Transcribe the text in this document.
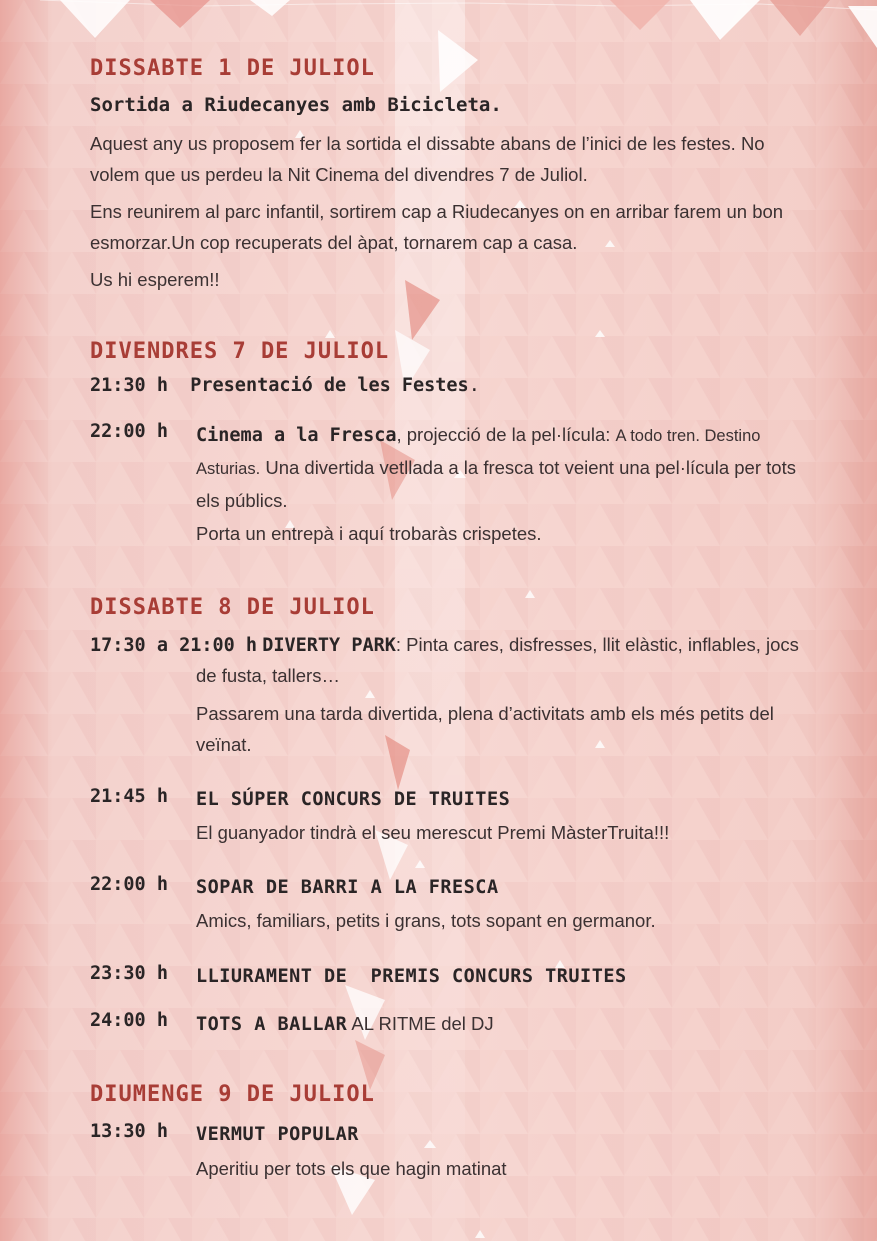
DISSABTE 1 DE JULIOL
Sortida a Riudecanyes amb Bicicleta.
Aquest any us proposem fer la sortida el dissabte abans de l’inici de les festes. No volem que us perdeu la Nit Cinema del divendres 7 de Juliol.
Ens reunirem al parc infantil, sortirem cap a Riudecanyes on en arribar farem un bon esmorzar.Un cop recuperats del àpat, tornarem cap a casa.
Us hi esperem!!
DIVENDRES 7 DE JULIOL
21:30 h Presentació de les Festes.
22:00 h Cinema a la Fresca, projecció de la pel·lícula: A todo tren. Destino Asturias. Una divertida vetllada a la fresca tot veient una pel·lícula per tots els públics.
Porta un entrepà i aquí trobaràs crispetes.
DISSABTE 8 DE JULIOL
17:30 a 21:00 h DIVERTY PARK: Pinta cares, disfresses, llit elàstic, inflables, jocs
de fusta, tallers…
Passarem una tarda divertida, plena d’activitats amb els més petits del veïnat.
21:45 h EL SÚPER CONCURS DE TRUITES
El guanyador tindrà el seu merescut Premi MàsterTruita!!!
22:00 h SOPAR DE BARRI A LA FRESCA
Amics, familiars, petits i grans, tots sopant en germanor.
23:30 h LLIURAMENT DE  PREMIS CONCURS TRUITES
24:00 h TOTS A BALLAR AL RITME del DJ
DIUMENGE 9 DE JULIOL
13:30 h VERMUT POPULAR
Aperitiu per tots els que hagin matinat
